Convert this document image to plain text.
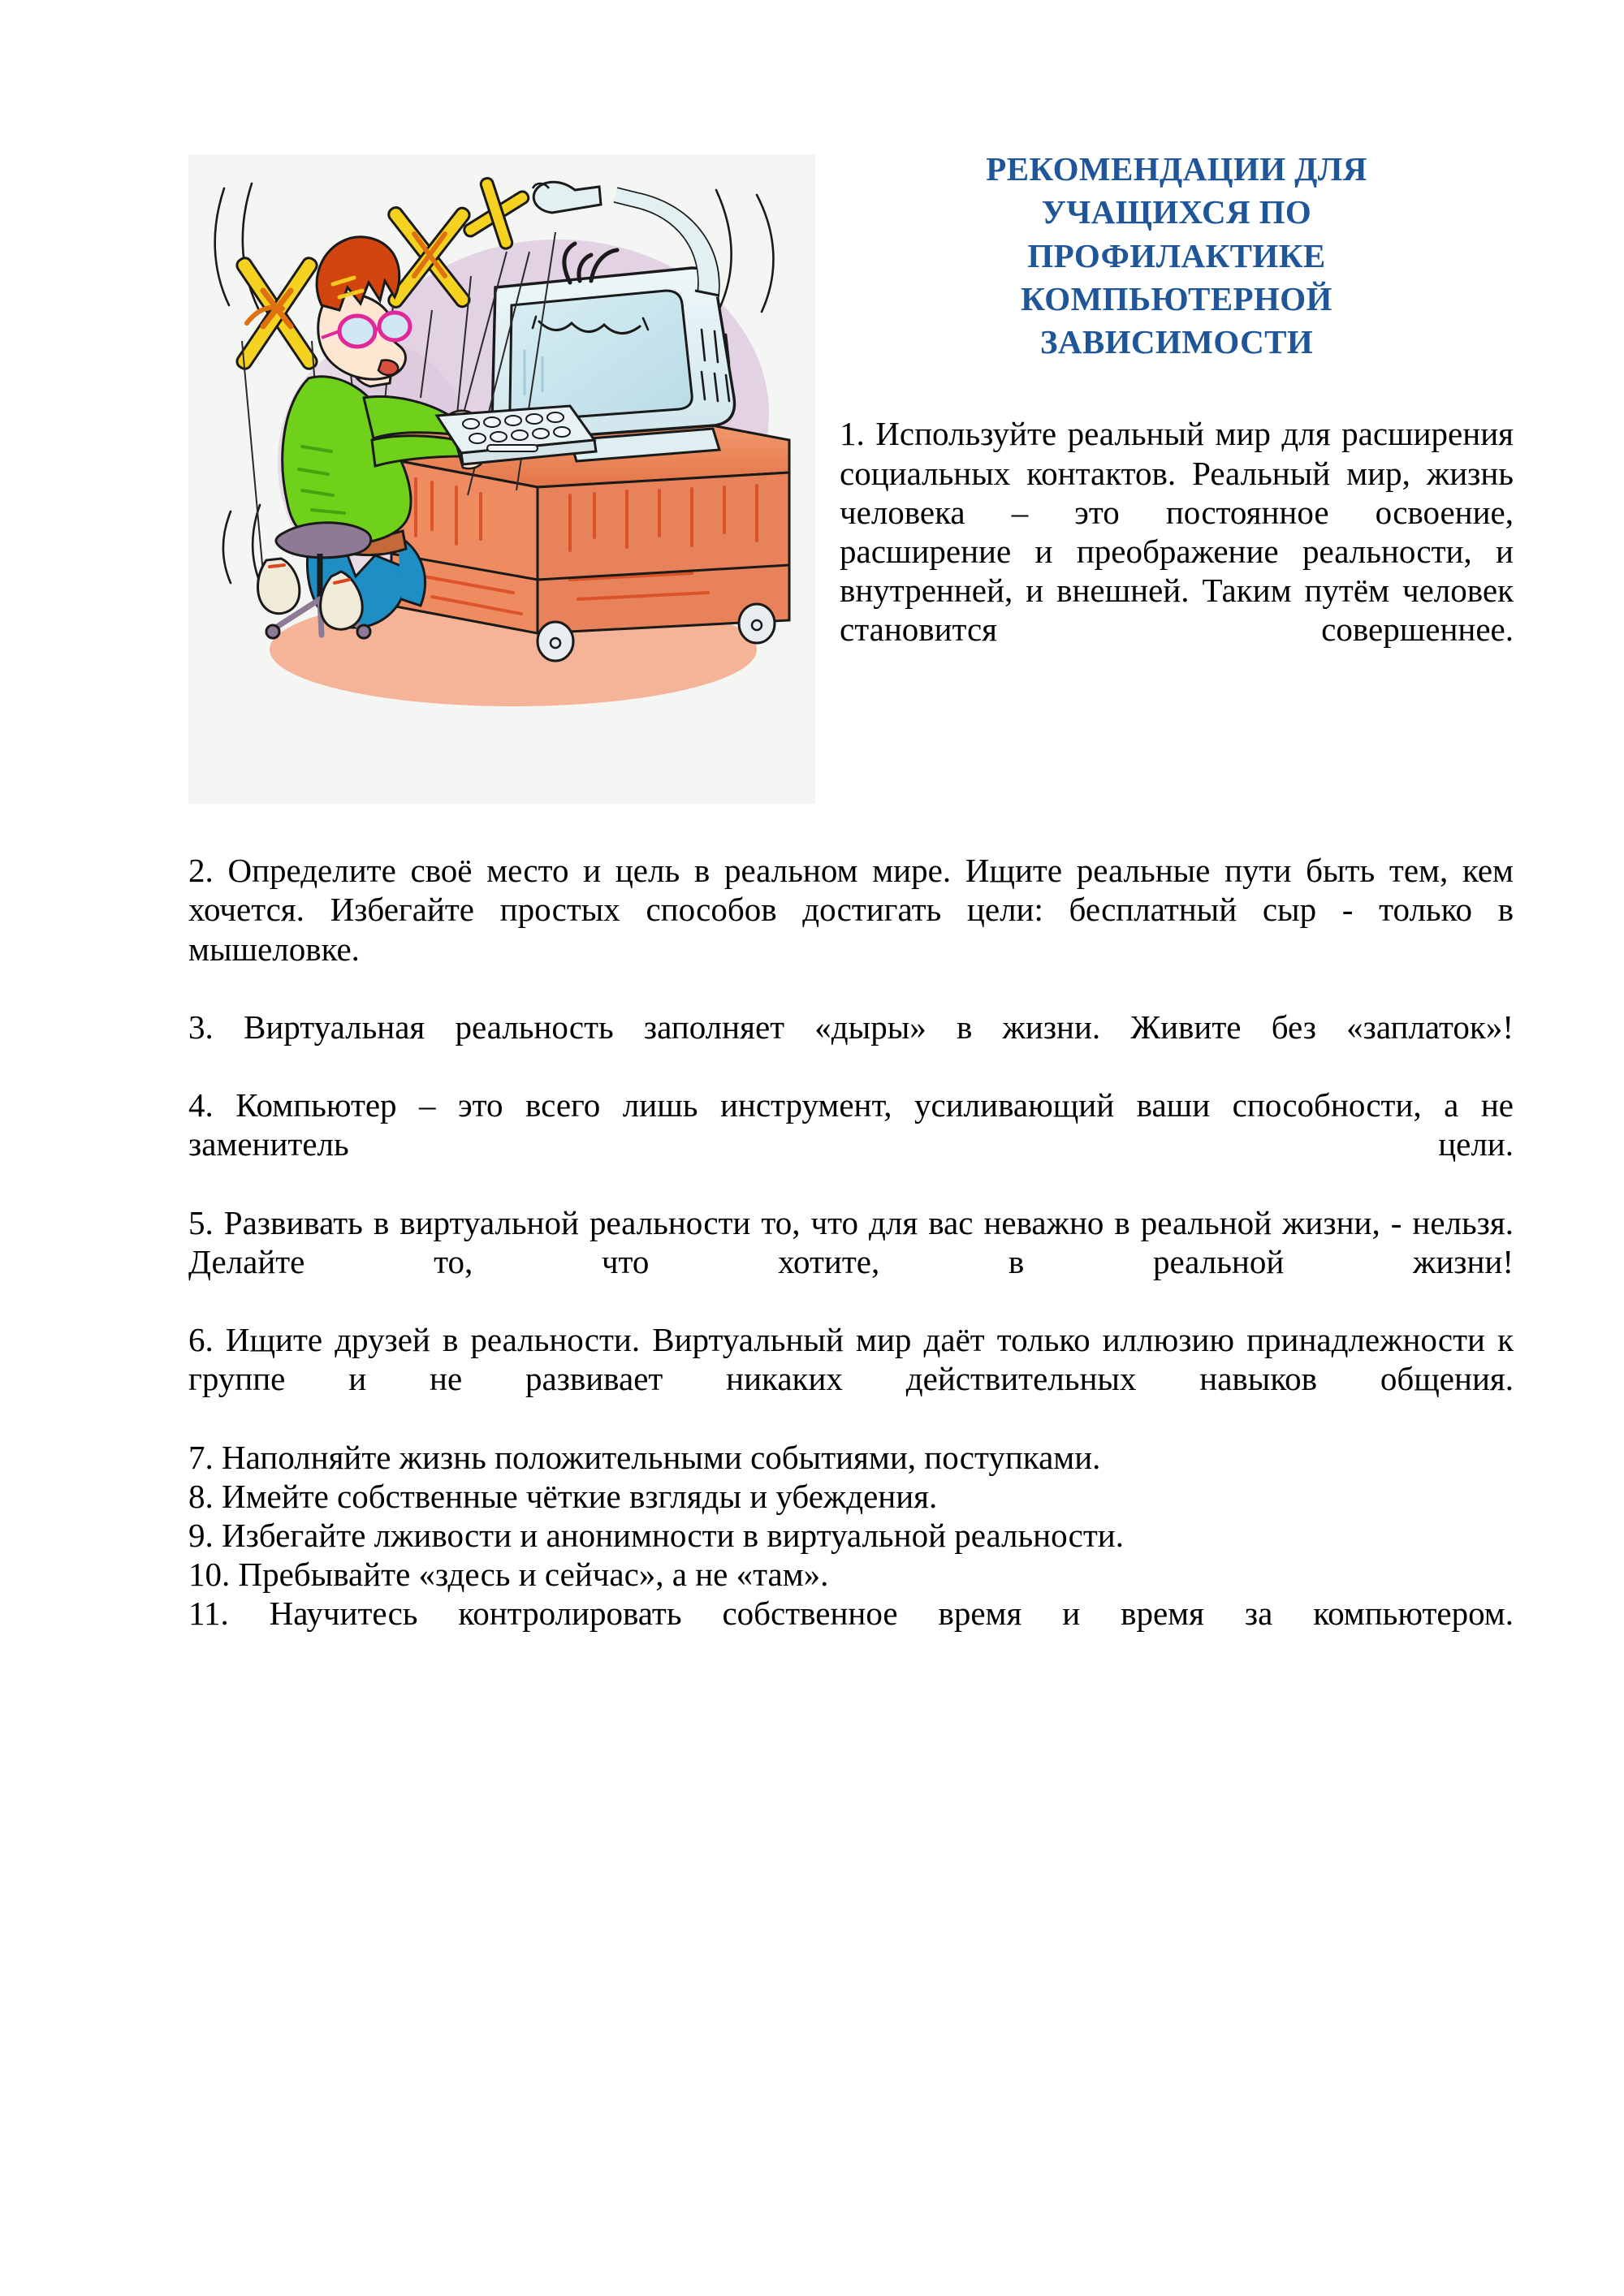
РЕКОМЕНДАЦИИ ДЛЯ
УЧАЩИХСЯ ПО
ПРОФИЛАКТИКЕ
КОМПЬЮТЕРНОЙ
ЗАВИСИМОСТИ

1. Используйте реальный мир для расширения социальных контактов. Реальный мир, жизнь человека – это постоянное освоение, расширение и преображение реальности, и внутренней, и внешней. Таким путём человек становится совершеннее.

2. Определите своё место и цель в реальном мире. Ищите реальные пути быть тем, кем хочется. Избегайте простых способов достигать цели: бесплатный сыр - только в мышеловке.

3. Виртуальная реальность заполняет «дыры» в жизни. Живите без «заплаток»!

4. Компьютер – это всего лишь инструмент, усиливающий ваши способности, а не заменитель цели.

5. Развивать в виртуальной реальности то, что для вас неважно в реальной жизни, - нельзя. Делайте то, что хотите, в реальной жизни!

6. Ищите друзей в реальности. Виртуальный мир даёт только иллюзию принадлежности к группе и не развивает никаких действительных навыков общения.

7. Наполняйте жизнь положительными событиями, поступками.

8. Имейте собственные чёткие взгляды и убеждения.

9. Избегайте лживости и анонимности в виртуальной реальности.

10. Пребывайте «здесь и сейчас», а не «там».

11. Научитесь контролировать собственное время и время за компьютером.
